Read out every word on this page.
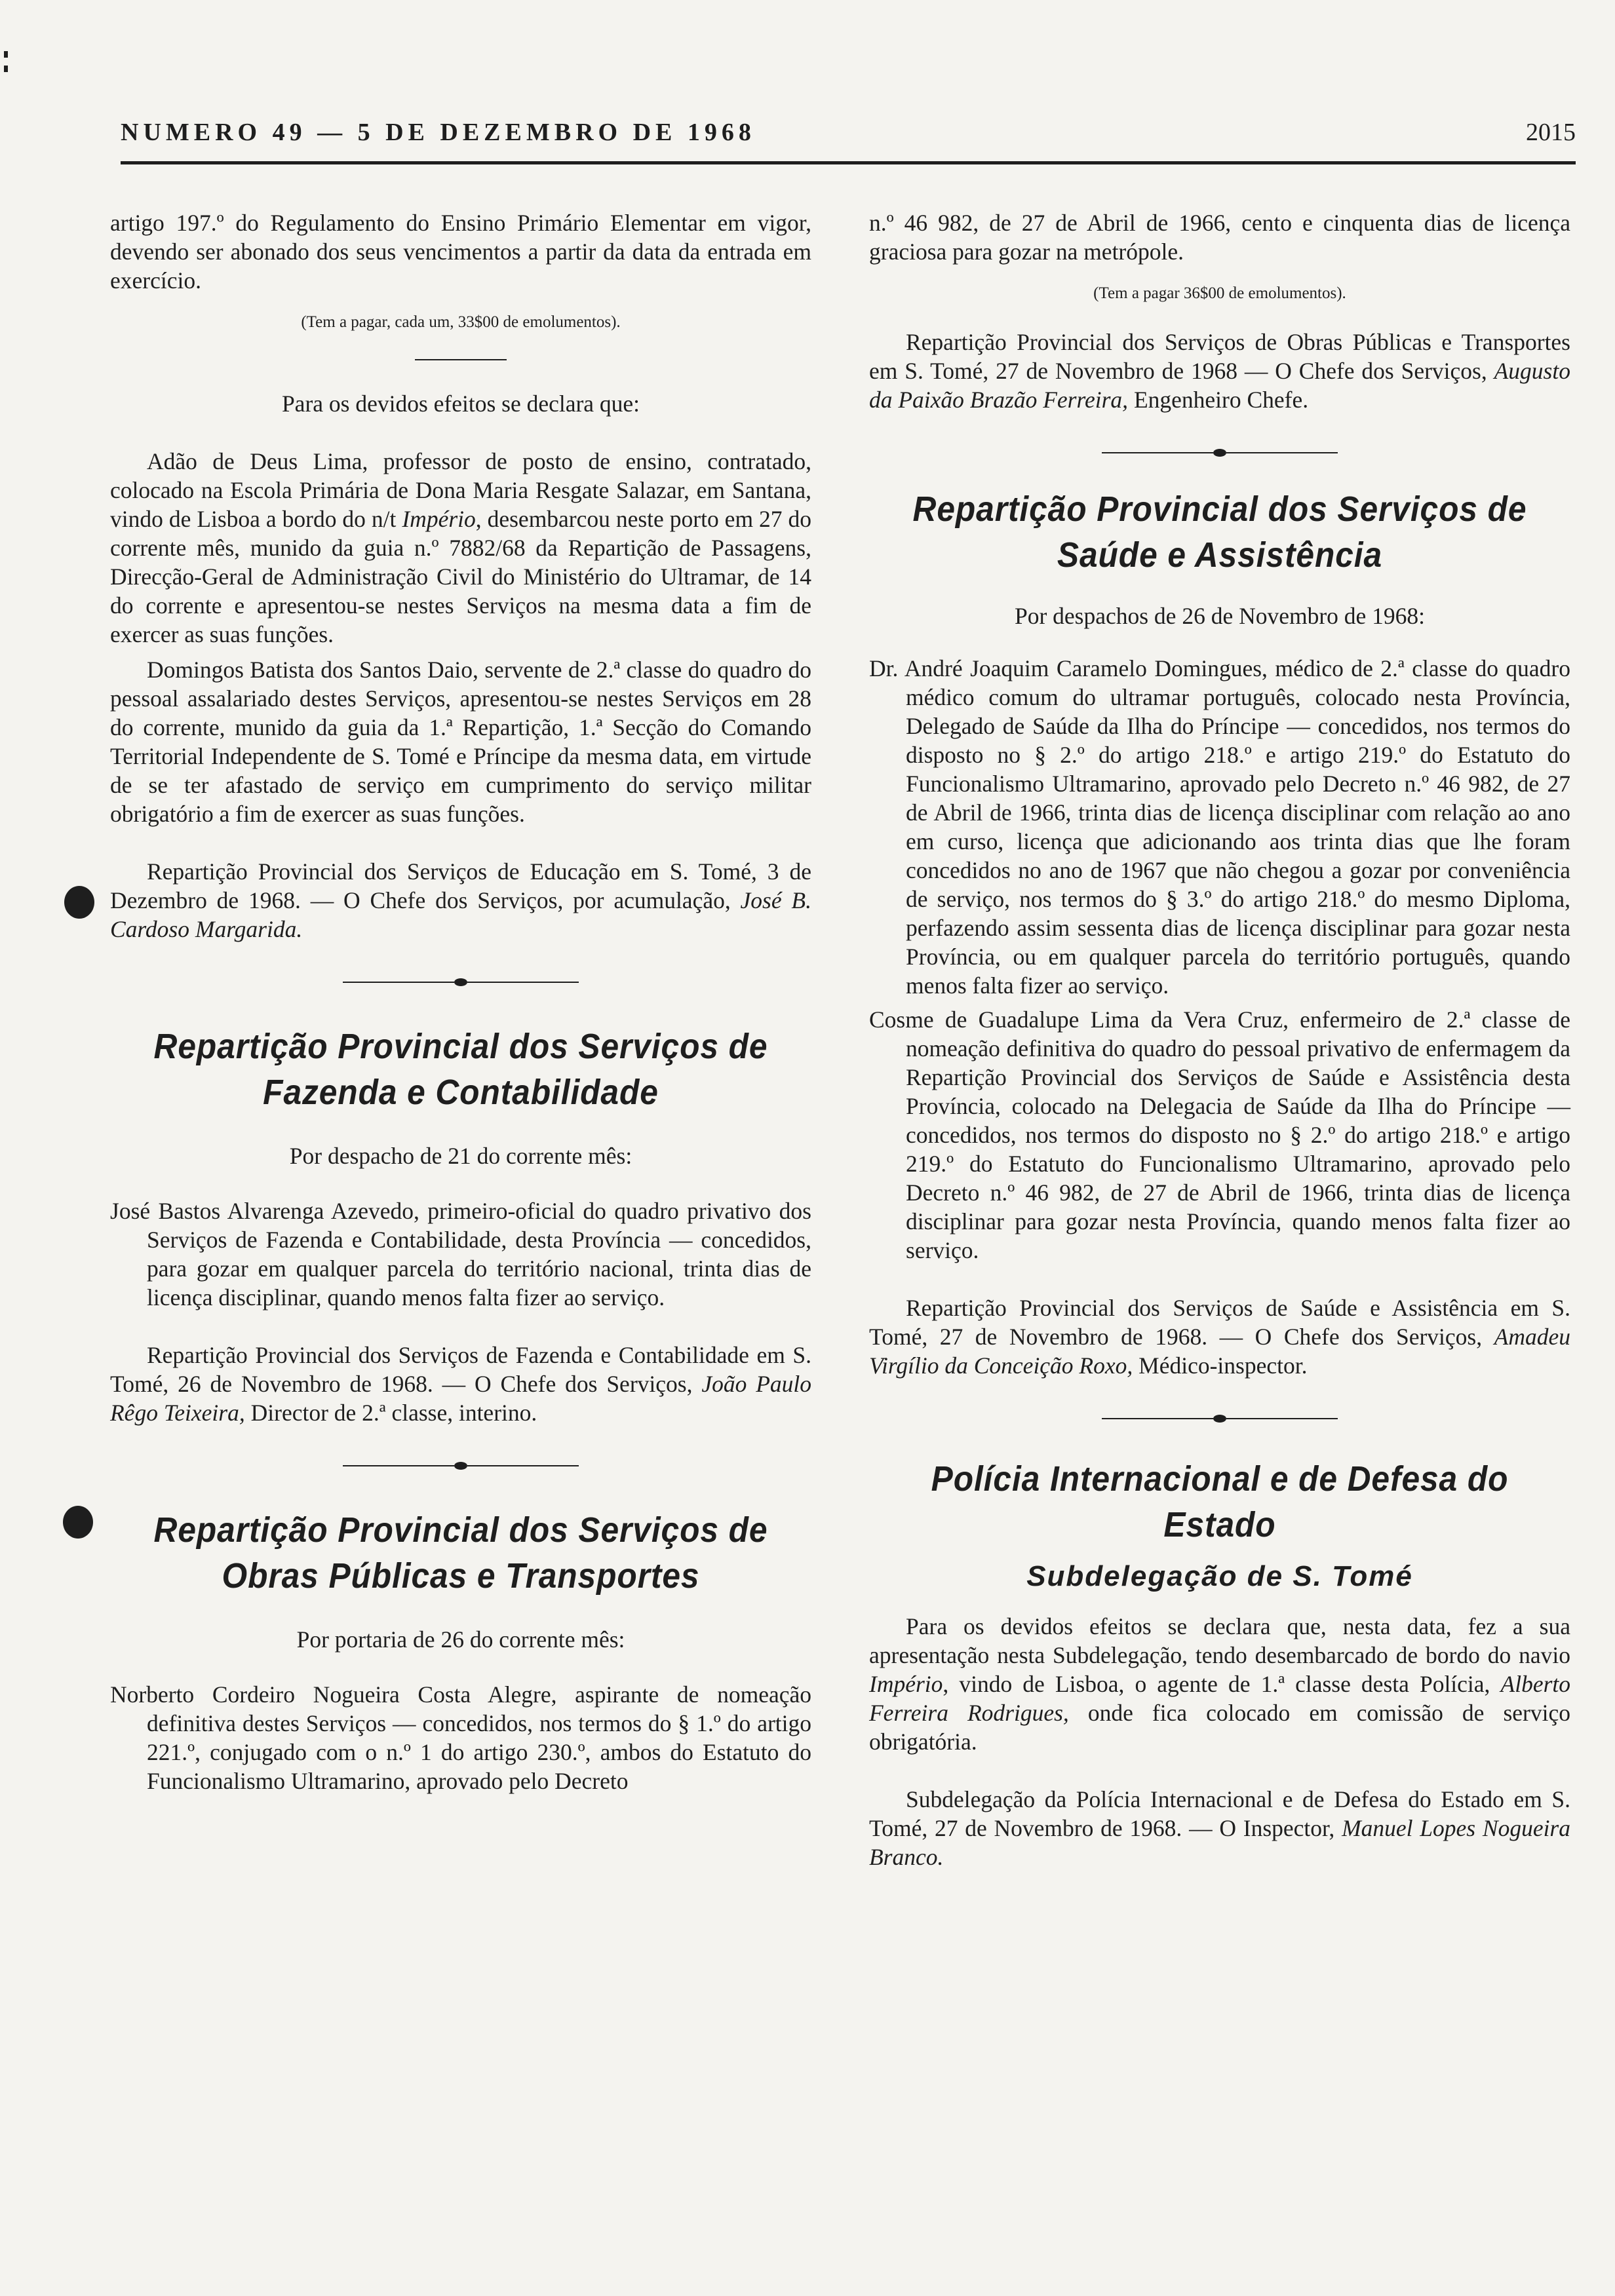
NUMERO 49 — 5 DE DEZEMBRO DE 1968	2015

artigo 197.º do Regulamento do Ensino Primário Elementar em vigor, devendo ser abonado dos seus vencimentos a partir da data da entrada em exercício.

(Tem a pagar, cada um, 33$00 de emolumentos).

Para os devidos efeitos se declara que:

Adão de Deus Lima, professor de posto de ensino, contratado, colocado na Escola Primária de Dona Maria Resgate Salazar, em Santana, vindo de Lisboa a bordo do n/t Império, desembarcou neste porto em 27 do corrente mês, munido da guia n.º 7882/68 da Repartição de Passagens, Direcção-Geral de Administração Civil do Ministério do Ultramar, de 14 do corrente e apresentou-se nestes Serviços na mesma data a fim de exercer as suas funções.

Domingos Batista dos Santos Daio, servente de 2.ª classe do quadro do pessoal assalariado destes Serviços, apresentou-se nestes Serviços em 28 do corrente, munido da guia da 1.ª Repartição, 1.ª Secção do Comando Territorial Independente de S. Tomé e Príncipe da mesma data, em virtude de se ter afastado de serviço em cumprimento do serviço militar obrigatório a fim de exercer as suas funções.

Repartição Provincial dos Serviços de Educação em S. Tomé, 3 de Dezembro de 1968. — O Chefe dos Serviços, por acumulação, José B. Cardoso Margarida.

Repartição Provincial dos Serviços de Fazenda e Contabilidade

Por despacho de 21 do corrente mês:

José Bastos Alvarenga Azevedo, primeiro-oficial do quadro privativo dos Serviços de Fazenda e Contabilidade, desta Província — concedidos, para gozar em qualquer parcela do território nacional, trinta dias de licença disciplinar, quando menos falta fizer ao serviço.

Repartição Provincial dos Serviços de Fazenda e Contabilidade em S. Tomé, 26 de Novembro de 1968. — O Chefe dos Serviços, João Paulo Rêgo Teixeira, Director de 2.ª classe, interino.

Repartição Provincial dos Serviços de Obras Públicas e Transportes

Por portaria de 26 do corrente mês:

Norberto Cordeiro Nogueira Costa Alegre, aspirante de nomeação definitiva destes Serviços — concedidos, nos termos do § 1.º do artigo 221.º, conjugado com o n.º 1 do artigo 230.º, ambos do Estatuto do Funcionalismo Ultramarino, aprovado pelo Decreto

n.º 46 982, de 27 de Abril de 1966, cento e cinquenta dias de licença graciosa para gozar na metrópole.

(Tem a pagar 36$00 de emolumentos).

Repartição Provincial dos Serviços de Obras Públicas e Transportes em S. Tomé, 27 de Novembro de 1968 — O Chefe dos Serviços, Augusto da Paixão Brazão Ferreira, Engenheiro Chefe.

Repartição Provincial dos Serviços de Saúde e Assistência

Por despachos de 26 de Novembro de 1968:

Dr. André Joaquim Caramelo Domingues, médico de 2.ª classe do quadro médico comum do ultramar português, colocado nesta Província, Delegado de Saúde da Ilha do Príncipe — concedidos, nos termos do disposto no § 2.º do artigo 218.º e artigo 219.º do Estatuto do Funcionalismo Ultramarino, aprovado pelo Decreto n.º 46 982, de 27 de Abril de 1966, trinta dias de licença disciplinar com relação ao ano em curso, licença que adicionando aos trinta dias que lhe foram concedidos no ano de 1967 que não chegou a gozar por conveniência de serviço, nos termos do § 3.º do artigo 218.º do mesmo Diploma, perfazendo assim sessenta dias de licença disciplinar para gozar nesta Província, ou em qualquer parcela do território português, quando menos falta fizer ao serviço.

Cosme de Guadalupe Lima da Vera Cruz, enfermeiro de 2.ª classe de nomeação definitiva do quadro do pessoal privativo de enfermagem da Repartição Provincial dos Serviços de Saúde e Assistência desta Província, colocado na Delegacia de Saúde da Ilha do Príncipe — concedidos, nos termos do disposto no § 2.º do artigo 218.º e artigo 219.º do Estatuto do Funcionalismo Ultramarino, aprovado pelo Decreto n.º 46 982, de 27 de Abril de 1966, trinta dias de licença disciplinar para gozar nesta Província, quando menos falta fizer ao serviço.

Repartição Provincial dos Serviços de Saúde e Assistência em S. Tomé, 27 de Novembro de 1968. — O Chefe dos Serviços, Amadeu Virgílio da Conceição Roxo, Médico-inspector.

Polícia Internacional e de Defesa do Estado

Subdelegação de S. Tomé

Para os devidos efeitos se declara que, nesta data, fez a sua apresentação nesta Subdelegação, tendo desembarcado de bordo do navio Império, vindo de Lisboa, o agente de 1.ª classe desta Polícia, Alberto Ferreira Rodrigues, onde fica colocado em comissão de serviço obrigatória.

Subdelegação da Polícia Internacional e de Defesa do Estado em S. Tomé, 27 de Novembro de 1968. — O Inspector, Manuel Lopes Nogueira Branco.
